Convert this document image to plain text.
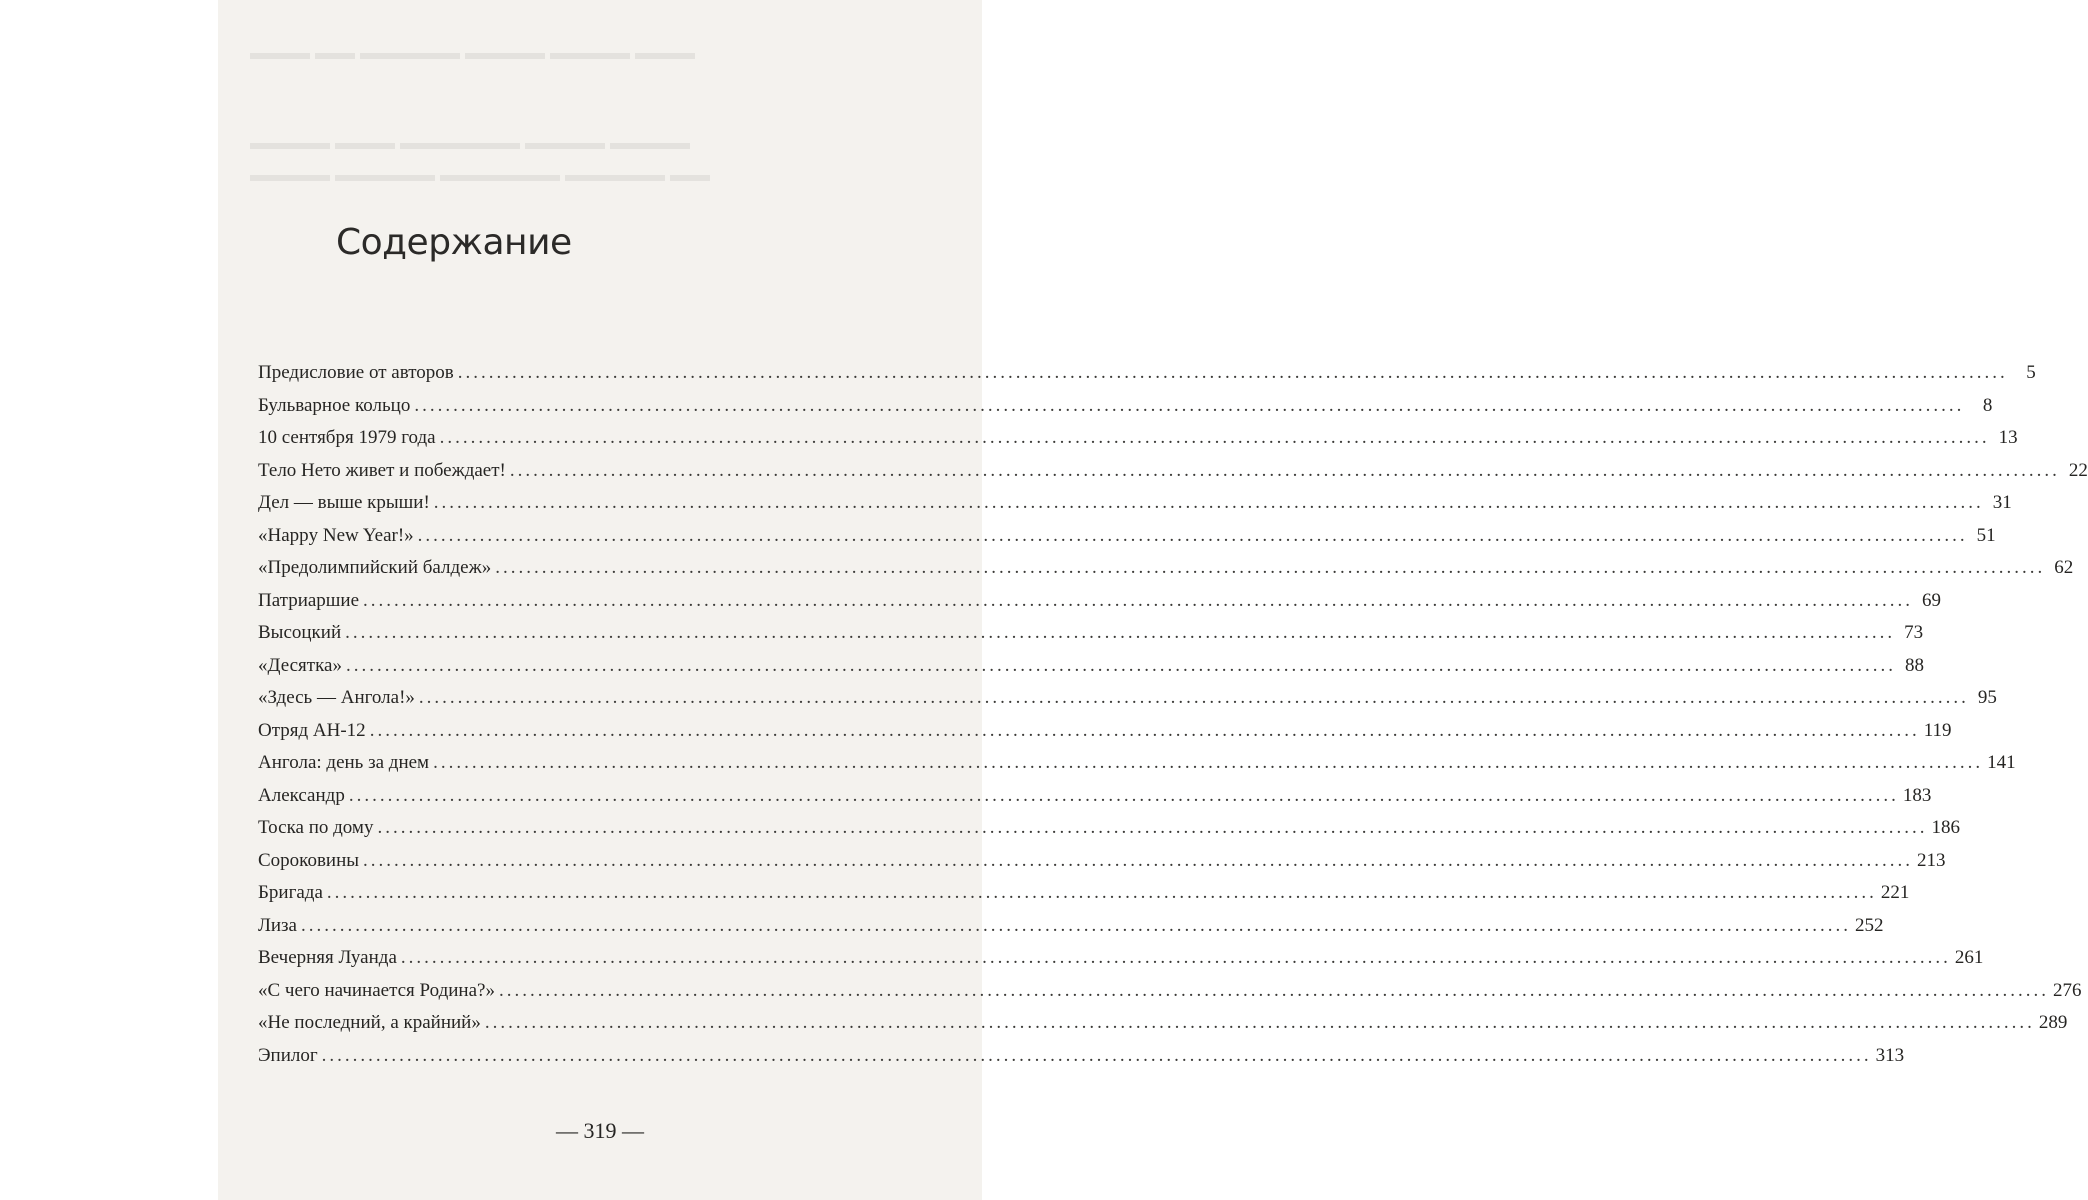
▬▬▬ ▬▬ ▬▬▬▬▬ ▬▬▬▬ ▬▬▬▬ ▬▬▬
▬▬▬▬ ▬▬▬ ▬▬▬▬▬▬ ▬▬▬▬ ▬▬▬▬
▬▬▬▬ ▬▬▬▬▬ ▬▬▬▬▬▬ ▬▬▬▬▬ ▬▬
Содержание
Предисловие от авторов ........................................................................................................................................................................................................ 5
Бульварное кольцо ........................................................................................................................................................................................................ 8
10 сентября 1979 года ........................................................................................................................................................................................................ 13
Тело Нето живет и побеждает! ........................................................................................................................................................................................................ 22
Дел — выше крыши! ........................................................................................................................................................................................................ 31
«Happy New Year!» ........................................................................................................................................................................................................ 51
«Предолимпийский балдеж» ........................................................................................................................................................................................................ 62
Патриаршие ........................................................................................................................................................................................................ 69
Высоцкий ........................................................................................................................................................................................................ 73
«Десятка» ........................................................................................................................................................................................................ 88
«Здесь — Ангола!» ........................................................................................................................................................................................................ 95
Отряд АН-12 ........................................................................................................................................................................................................ 119
Ангола: день за днем ........................................................................................................................................................................................................ 141
Александр ........................................................................................................................................................................................................ 183
Тоска по дому ........................................................................................................................................................................................................ 186
Сороковины ........................................................................................................................................................................................................ 213
Бригада ........................................................................................................................................................................................................ 221
Лиза ........................................................................................................................................................................................................ 252
Вечерняя Луанда ........................................................................................................................................................................................................ 261
«С чего начинается Родина?» ........................................................................................................................................................................................................ 276
«Не последний, а крайний» ........................................................................................................................................................................................................ 289
Эпилог ........................................................................................................................................................................................................ 313
— 319 —
